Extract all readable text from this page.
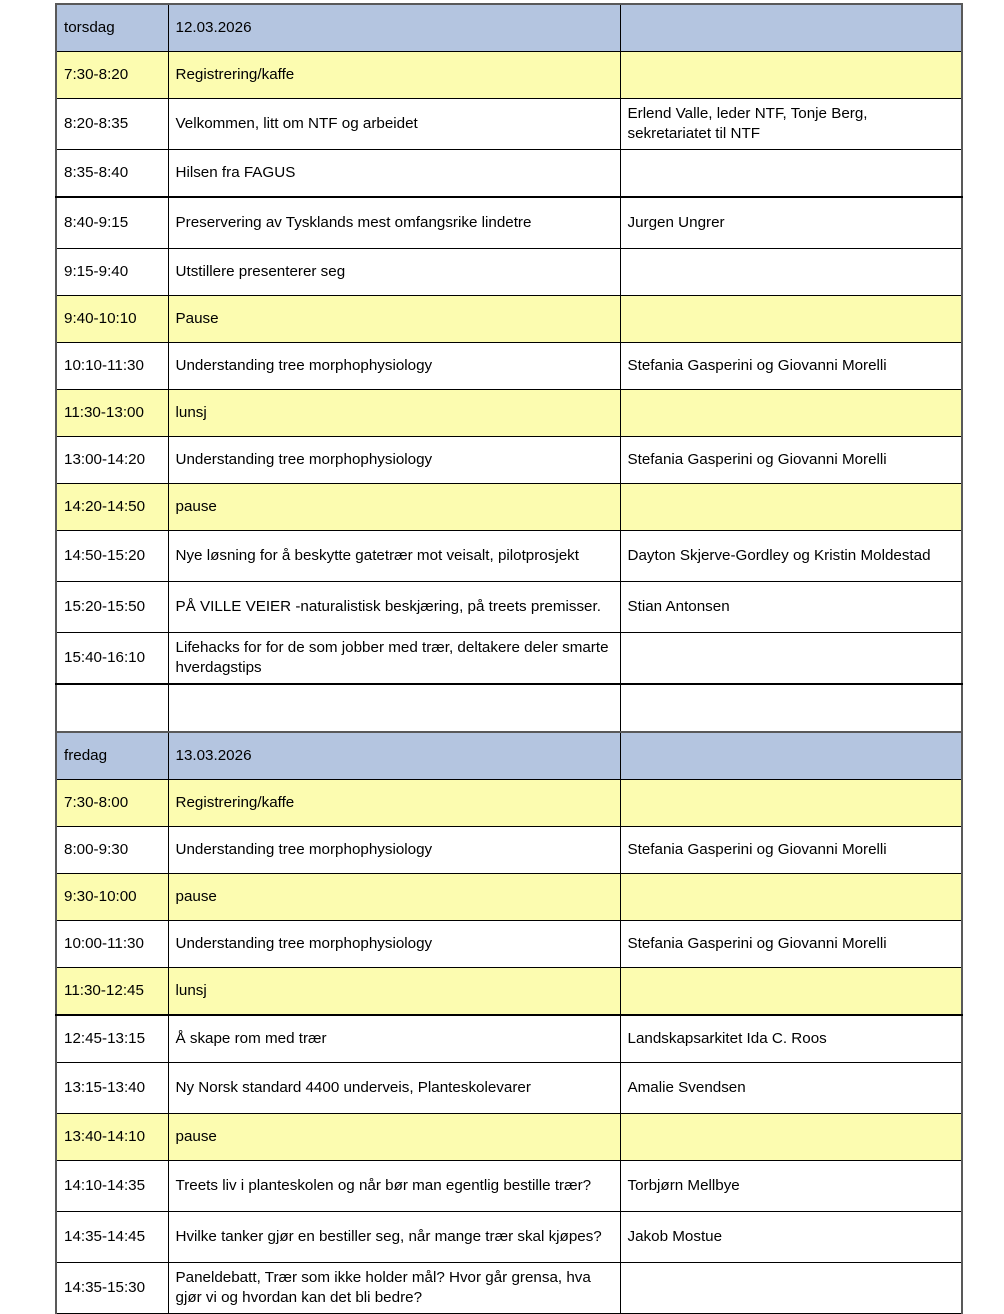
torsdag	12.03.2026	
7:30-8:20	Registrering/kaffe	
8:20-8:35	Velkommen, litt om NTF og arbeidet	Erlend Valle, leder NTF, Tonje Berg, sekretariatet til NTF
8:35-8:40	Hilsen fra FAGUS	
8:40-9:15	Preservering av Tysklands mest omfangsrike lindetre	Jurgen Ungrer
9:15-9:40	Utstillere presenterer seg	
9:40-10:10	Pause	
10:10-11:30	Understanding tree morphophysiology	Stefania Gasperini og Giovanni Morelli
11:30-13:00	lunsj	
13:00-14:20	Understanding tree morphophysiology	Stefania Gasperini og Giovanni Morelli
14:20-14:50	pause	
14:50-15:20	Nye løsning for å beskytte gatetrær mot veisalt, pilotprosjekt	Dayton Skjerve-Gordley og Kristin Moldestad
15:20-15:50	PÅ VILLE VEIER -naturalistisk beskjæring, på treets premisser.	Stian Antonsen
15:40-16:10	Lifehacks for for de som jobber med trær, deltakere deler smarte hverdagstips	

fredag	13.03.2026	
7:30-8:00	Registrering/kaffe	
8:00-9:30	Understanding tree morphophysiology	Stefania Gasperini og Giovanni Morelli
9:30-10:00	pause	
10:00-11:30	Understanding tree morphophysiology	Stefania Gasperini og Giovanni Morelli
11:30-12:45	lunsj	
12:45-13:15	Å skape rom med trær	Landskapsarkitet Ida C. Roos
13:15-13:40	Ny Norsk standard 4400 underveis, Planteskolevarer	Amalie Svendsen
13:40-14:10	pause	
14:10-14:35	Treets liv i planteskolen og når bør man egentlig bestille trær?	Torbjørn Mellbye
14:35-14:45	Hvilke tanker gjør en bestiller seg, når mange trær skal kjøpes?	Jakob Mostue
14:35-15:30	Paneldebatt, Trær som ikke holder mål? Hvor går grensa, hva gjør vi og hvordan kan det bli bedre?	
